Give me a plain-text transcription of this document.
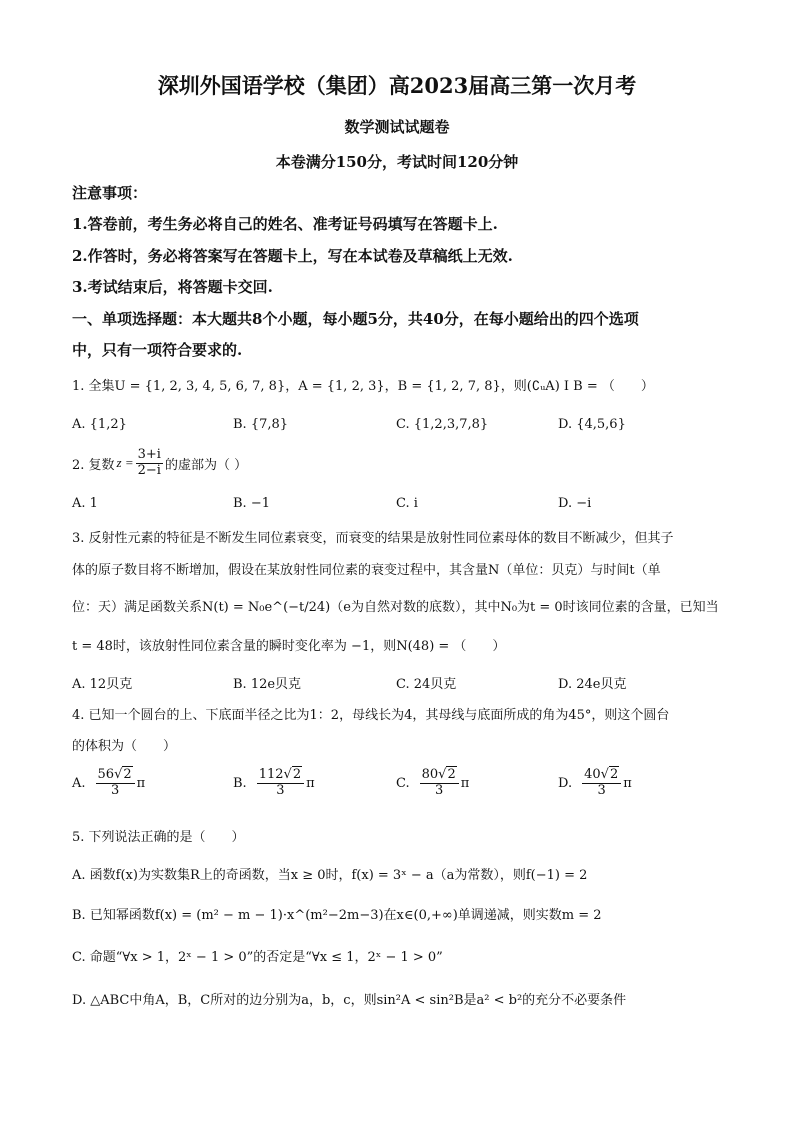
深圳外国语学校（集团）高2023届高三第一次月考
数学测试试题卷
本卷满分150分，考试时间120分钟
注意事项：
1.答卷前，考生务必将自己的姓名、准考证号码填写在答题卡上.
2.作答时，务必将答案写在答题卡上，写在本试卷及草稿纸上无效.
3.考试结束后，将答题卡交回.
一、单项选择题：本大题共8个小题，每小题5分，共40分，在每小题给出的四个选项
中，只有一项符合要求的.
1. 全集U = {1, 2, 3, 4, 5, 6, 7, 8}，A = {1, 2, 3}，B = {1, 2, 7, 8}，则(∁ᵤA) I B = （　　）
A. {1,2}	B. {7,8}	C. {1,2,3,7,8}	D. {4,5,6}
2. 复数 $z = \frac{3+i}{2-i}$ 的虚部为（ ）
A. 1	B. −1	C. i	D. −i
3. 反射性元素的特征是不断发生同位素衰变，而衰变的结果是放射性同位素母体的数目不断减少，但其子
体的原子数目将不断增加，假设在某放射性同位素的衰变过程中，其含量N（单位：贝克）与时间t（单
位：天）满足函数关系N(t) = N₀e^(−t/24)（e为自然对数的底数），其中N₀为t = 0时该同位素的含量，已知当
t = 48时，该放射性同位素含量的瞬时变化率为 −1，则N(48) = （　　）
A. 12贝克	B. 12e贝克	C. 24贝克	D. 24e贝克
4. 已知一个圆台的上、下底面半径之比为1：2，母线长为4，其母线与底面所成的角为45°，则这个圆台
的体积为（　　）
A. $\frac{56√2}{3}$ π	B. $\frac{112√2}{3}$ π	C. $\frac{80√2}{3}$ π	D. $\frac{40√2}{3}$ π
5. 下列说法正确的是（　　）
A. 函数f(x)为实数集R上的奇函数，当x ≥ 0时，f(x) = 3ˣ − a（a为常数），则f(−1) = 2
B. 已知幂函数f(x) = (m² − m − 1)·x^(m²−2m−3)在x∈(0,+∞)单调递减，则实数m = 2
C. 命题“∀x > 1，2ˣ − 1 > 0”的否定是“∀x ≤ 1，2ˣ − 1 > 0”
D. △ABC中角A，B，C所对的边分别为a，b，c，则sin²A < sin²B是a² < b²的充分不必要条件
